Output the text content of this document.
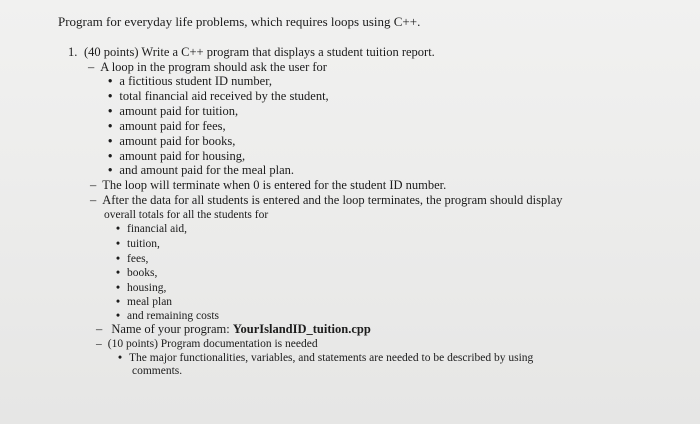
Program for everyday life problems, which requires loops using C++.
1. (40 points) Write a C++ program that displays a student tuition report.
– A loop in the program should ask the user for
• a fictitious student ID number,
• total financial aid received by the student,
• amount paid for tuition,
• amount paid for fees,
• amount paid for books,
• amount paid for housing,
• and amount paid for the meal plan.
– The loop will terminate when 0 is entered for the student ID number.
– After the data for all students is entered and the loop terminates, the program should display
overall totals for all the students for
• financial aid,
• tuition,
• fees,
• books,
• housing,
• meal plan
• and remaining costs
– Name of your program: YourIslandID_tuition.cpp
– (10 points) Program documentation is needed
• The major functionalities, variables, and statements are needed to be described by using
comments.
